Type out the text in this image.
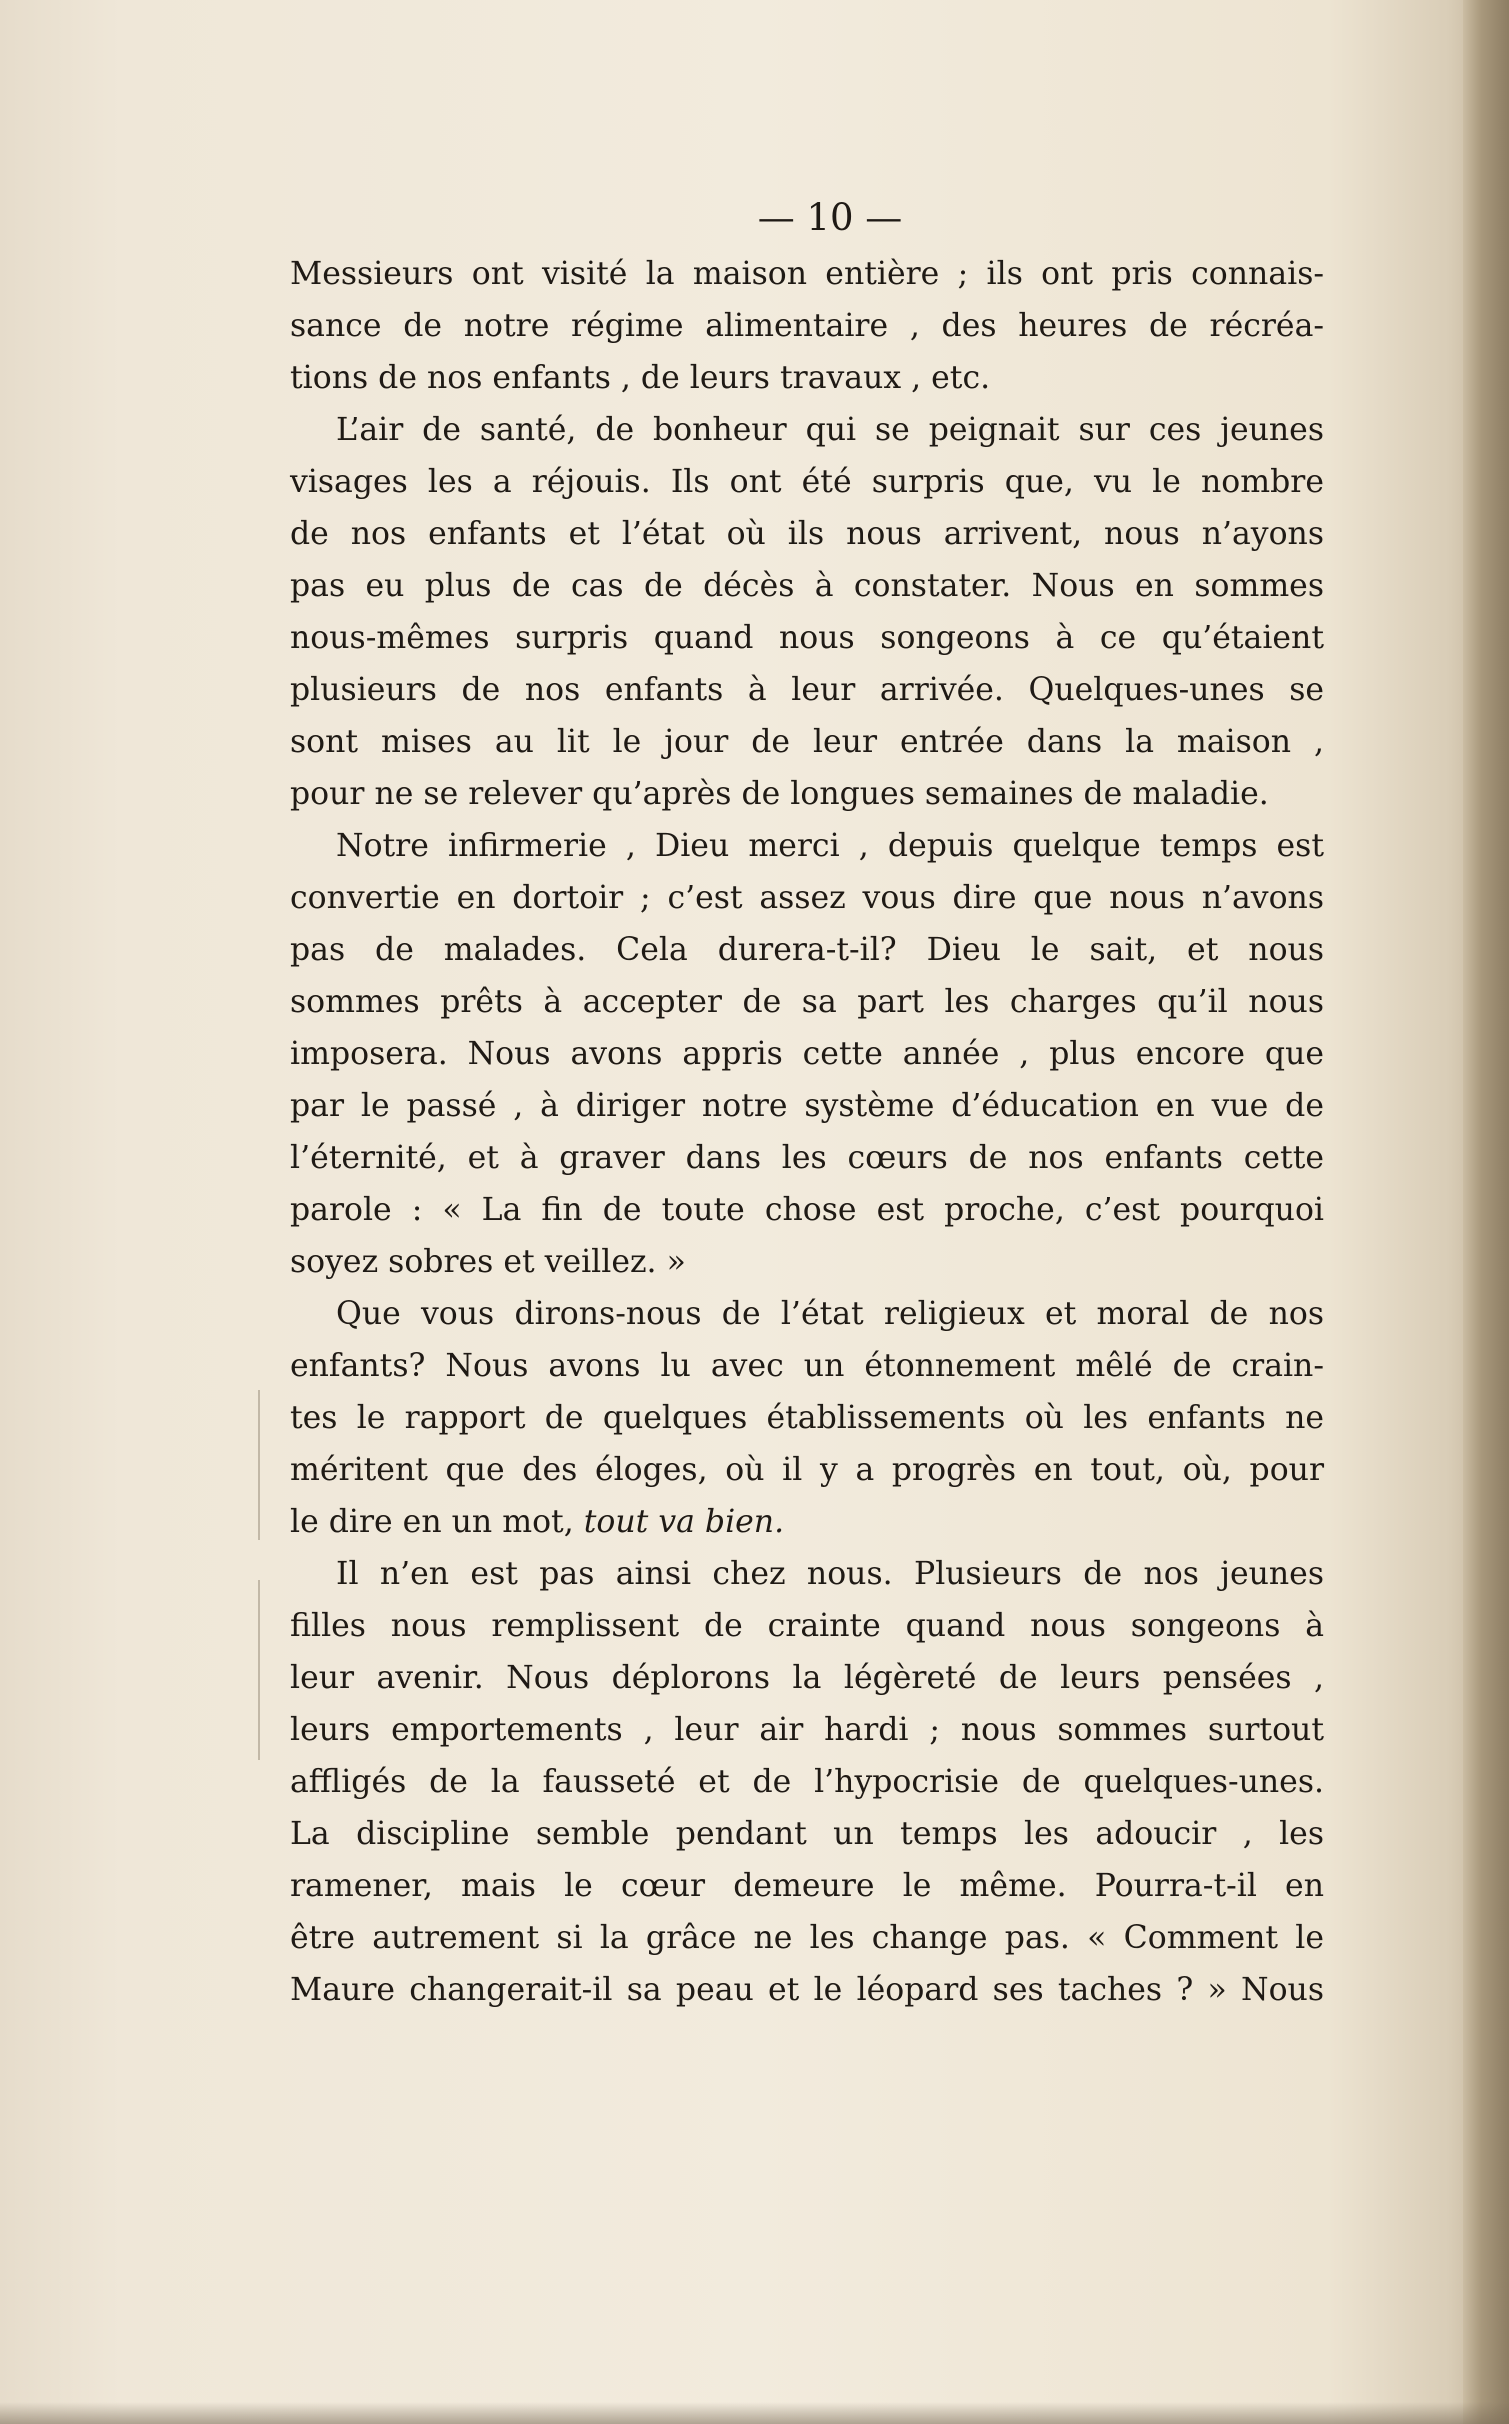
— 10 —
Messieurs ont visité la maison entière ; ils ont pris connais-
sance de notre régime alimentaire , des heures de récréa-
tions de nos enfants , de leurs travaux , etc.
L’air de santé, de bonheur qui se peignait sur ces jeunes
visages les a réjouis. Ils ont été surpris que, vu le nombre
de nos enfants et l’état où ils nous arrivent, nous n’ayons
pas eu plus de cas de décès à constater. Nous en sommes
nous-mêmes surpris quand nous songeons à ce qu’étaient
plusieurs de nos enfants à leur arrivée. Quelques-unes se
sont mises au lit le jour de leur entrée dans la maison ,
pour ne se relever qu’après de longues semaines de maladie.
Notre infirmerie , Dieu merci , depuis quelque temps est
convertie en dortoir ; c’est assez vous dire que nous n’avons
pas de malades. Cela durera-t-il? Dieu le sait, et nous
sommes prêts à accepter de sa part les charges qu’il nous
imposera. Nous avons appris cette année , plus encore que
par le passé , à diriger notre système d’éducation en vue de
l’éternité, et à graver dans les cœurs de nos enfants cette
parole : « La fin de toute chose est proche, c’est pourquoi
soyez sobres et veillez. »
Que vous dirons-nous de l’état religieux et moral de nos
enfants? Nous avons lu avec un étonnement mêlé de crain-
tes le rapport de quelques établissements où les enfants ne
méritent que des éloges, où il y a progrès en tout, où, pour
le dire en un mot, tout va bien.
Il n’en est pas ainsi chez nous. Plusieurs de nos jeunes
filles nous remplissent de crainte quand nous songeons à
leur avenir. Nous déplorons la légèreté de leurs pensées ,
leurs emportements , leur air hardi ; nous sommes surtout
affligés de la fausseté et de l’hypocrisie de quelques-unes.
La discipline semble pendant un temps les adoucir , les
ramener, mais le cœur demeure le même. Pourra-t-il en
être autrement si la grâce ne les change pas. « Comment le
Maure changerait-il sa peau et le léopard ses taches ? » Nous
